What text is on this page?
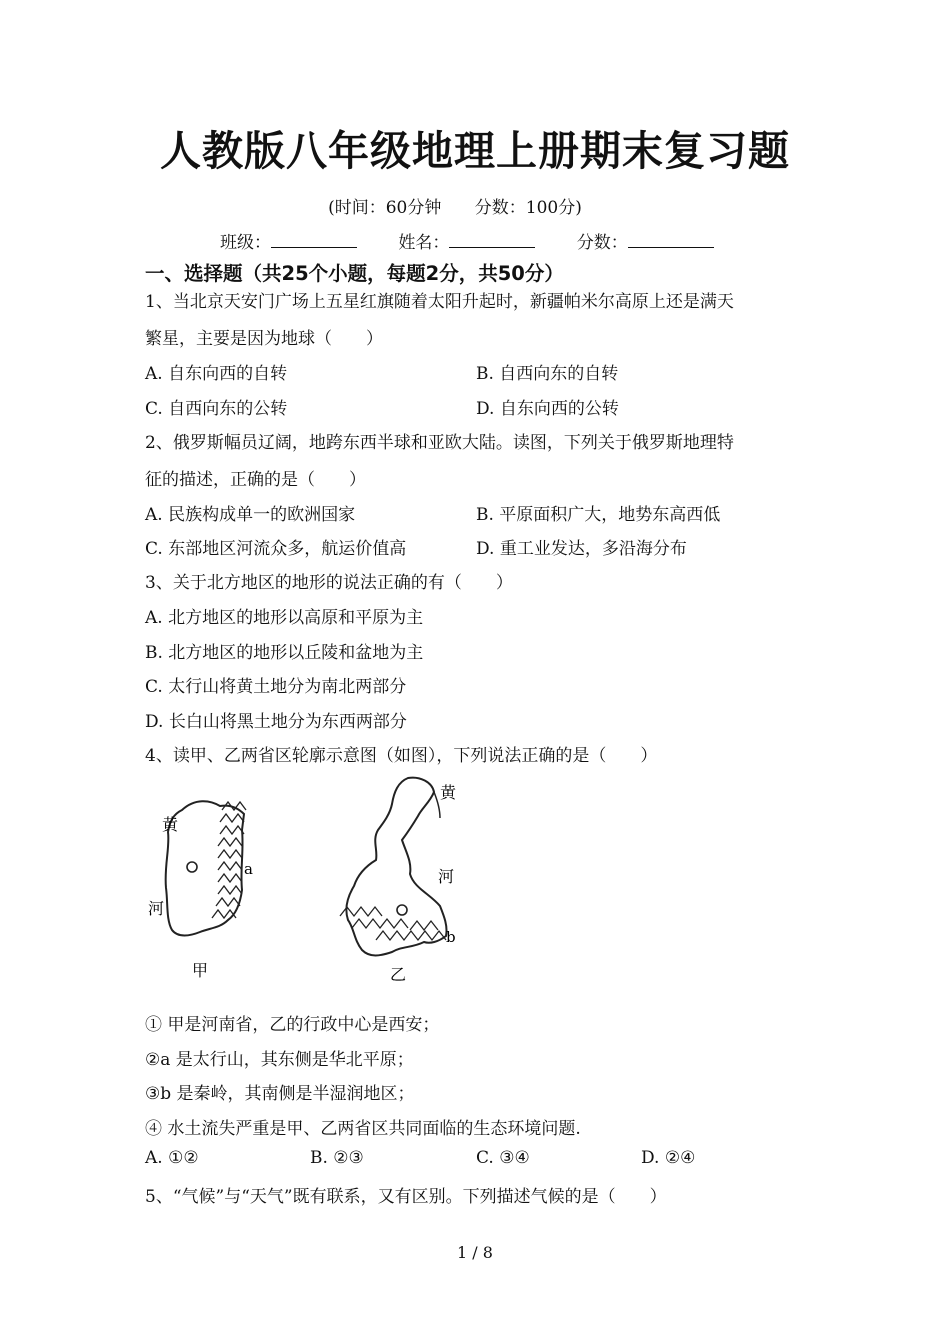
人教版八年级地理上册期末复习题
(时间：60分钟 分数：100分)
班级：	姓名：	分数：
一、选择题（共25个小题，每题2分，共50分）
1、当北京天安门广场上五星红旗随着太阳升起时，新疆帕米尔高原上还是满天
繁星，主要是因为地球（　　）
A. 自东向西的自转	B. 自西向东的自转
C. 自西向东的公转	D. 自东向西的公转
2、俄罗斯幅员辽阔，地跨东西半球和亚欧大陆。读图，下列关于俄罗斯地理特
征的描述，正确的是（　　）
A. 民族构成单一的欧洲国家	B. 平原面积广大，地势东高西低
C. 东部地区河流众多，航运价值高	D. 重工业发达，多沿海分布
3、关于北方地区的地形的说法正确的有（　　）
A. 北方地区的地形以高原和平原为主
B. 北方地区的地形以丘陵和盆地为主
C. 太行山将黄土地分为南北两部分
D. 长白山将黑土地分为东西两部分
4、读甲、乙两省区轮廓示意图（如图），下列说法正确的是（　　）
黄
河
a
甲
黄
河
b
乙
① 甲是河南省，乙的行政中心是西安；
②a 是太行山，其东侧是华北平原；
③b 是秦岭，其南侧是半湿润地区；
④ 水土流失严重是甲、乙两省区共同面临的生态环境问题.
A. ①②	B. ②③	C. ③④	D. ②④
5、“气候”与“天气”既有联系，又有区别。下列描述气候的是（　　）
1 / 8
